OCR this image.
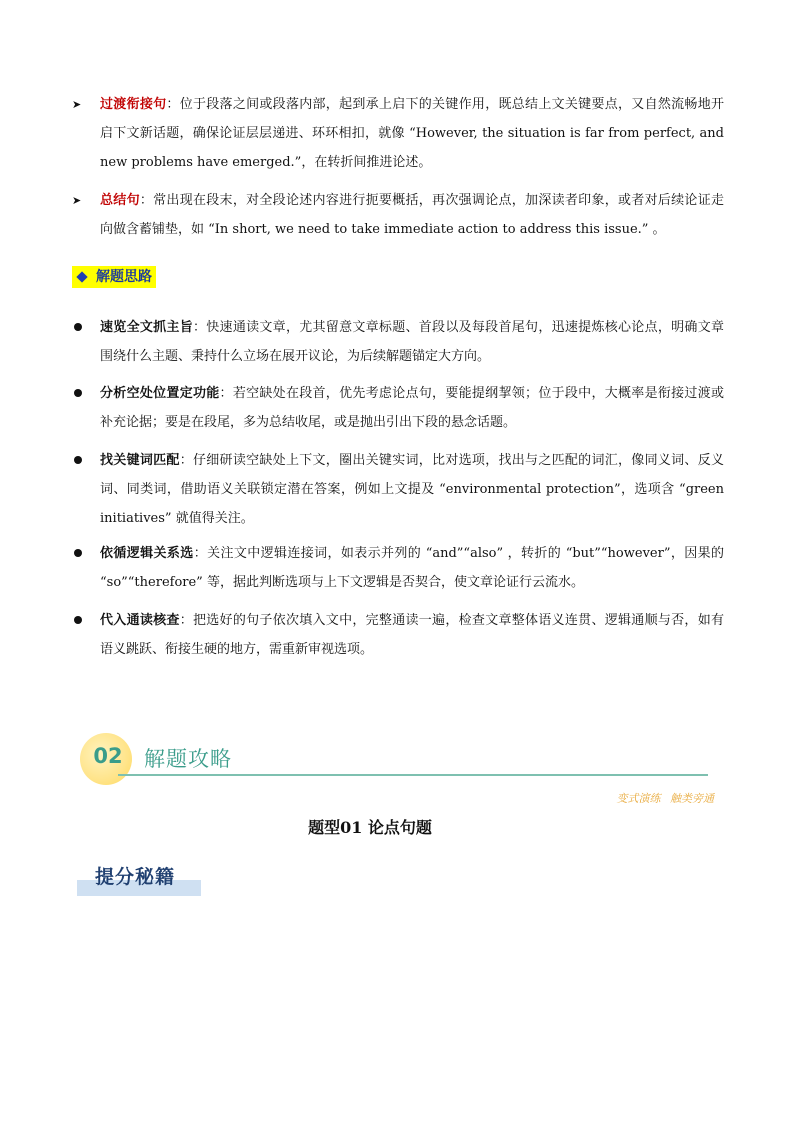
➤	过渡衔接句：位于段落之间或段落内部，起到承上启下的关键作用，既总结上文关键要点，又自然流畅地开启下文新话题，确保论证层层递进、环环相扣，就像 “However, the situation is far from perfect, and new problems have emerged.”，在转折间推进论述。
➤	总结句：常出现在段末，对全段论述内容进行扼要概括，再次强调论点，加深读者印象，或者对后续论证走向做含蓄铺垫，如 “In short, we need to take immediate action to address this issue.” 。
解题思路
速览全文抓主旨：快速通读文章，尤其留意文章标题、首段以及每段首尾句，迅速提炼核心论点，明确文章围绕什么主题、秉持什么立场在展开议论，为后续解题锚定大方向。
分析空处位置定功能：若空缺处在段首，优先考虑论点句，要能提纲挈领；位于段中，大概率是衔接过渡或补充论据；要是在段尾，多为总结收尾，或是抛出引出下段的悬念话题。
找关键词匹配：仔细研读空缺处上下文，圈出关键实词，比对选项，找出与之匹配的词汇，像同义词、反义词、同类词，借助语义关联锁定潜在答案，例如上文提及 “environmental protection”，选项含 “green initiatives” 就值得关注。
依循逻辑关系选：关注文中逻辑连接词，如表示并列的 “and”“also” ，转折的 “but”“however”，因果的 “so”“therefore” 等，据此判断选项与上下文逻辑是否契合，使文章论证行云流水。
代入通读核查：把选好的句子依次填入文中，完整通读一遍，检查文章整体语义连贯、逻辑通顺与否，如有语义跳跃、衔接生硬的地方，需重新审视选项。
02	解题攻略
变式演练 触类旁通
题型01 论点句题
提分秘籍
